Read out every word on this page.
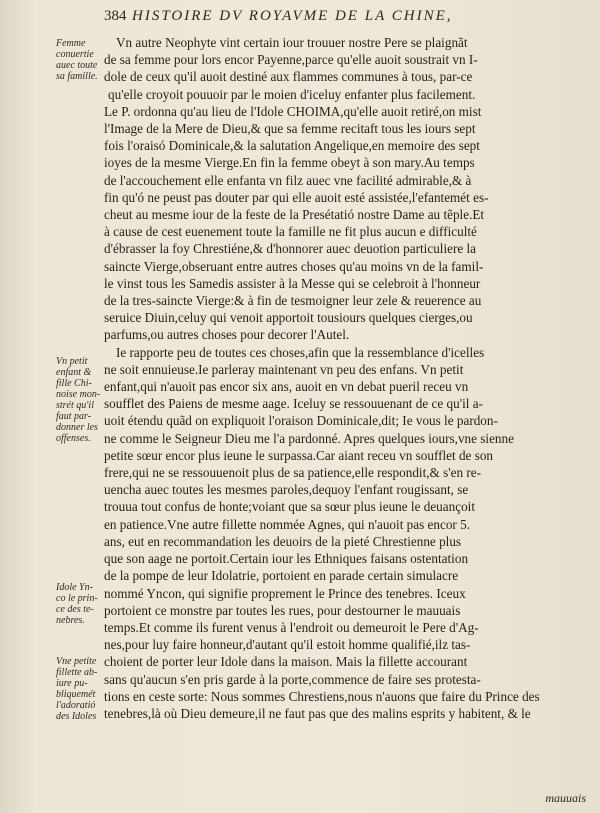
384 HISTOIRE DV ROYAVME DE LA CHINE,
Femme
conuertie
auec toute
sa famille.
Vn petit
enfant &
fille Chi-
noise mon-
strét qu'il
faut par-
donner les
offenses.
Idole Yn-
co le prin-
ce des te-
nebres.
Vne petite
fillette ab-
iure pu-
bliquemét
l'adoratió
des Idoles
Vn autre Neophyte vint certain iour trouuer nostre Pere se plaignãt
de sa femme pour lors encor Payenne,parce qu'elle auoit soustrait vn I-
dole de ceux qu'il auoit destiné aux flammes communes à tous, par-ce
qu'elle croyoit pouuoir par le moien d'iceluy enfanter plus facilement.
Le P. ordonna qu'au lieu de l'Idole CHOIMA,qu'elle auoit retiré,on mist
l'Image de la Mere de Dieu,& que sa femme recitaft tous les iours sept
fois l'oraisó Dominicale,& la salutation Angelique,en memoire des sept
ioyes de la mesme Vierge.En fin la femme obeyt à son mary.Au temps
de l'accouchement elle enfanta vn filz auec vne facilité admirable,& à
fin qu'ó ne peust pas douter par qui elle auoit esté assistée,l'efantemét es-
cheut au mesme iour de la feste de la Presétatió nostre Dame au tẽple.Et
à cause de cest euenement toute la famille ne fit plus aucun e difficulté
d'ébrasser la foy Chrestiéne,& d'honnorer auec deuotion particuliere la
saincte Vierge,obseruant entre autres choses qu'au moins vn de la famil-
le vinst tous les Samedis assister à la Messe qui se celebroit à l'honneur
de la tres-saincte Vierge:& à fin de tesmoigner leur zele & reuerence au
seruice Diuin,celuy qui venoit apportoit tousiours quelques cierges,ou
parfums,ou autres choses pour decorer l'Autel.
Ie rapporte peu de toutes ces choses,afin que la ressemblance d'icelles
ne soit ennuieuse.Ie parleray maintenant vn peu des enfans. Vn petit
enfant,qui n'auoit pas encor six ans, auoit en vn debat pueril receu vn
soufflet des Paiens de mesme aage. Iceluy se ressouuenant de ce qu'il a-
uoit étendu quãd on expliquoit l'oraison Dominicale,dit; Ie vous le pardon-
ne comme le Seigneur Dieu me l'a pardonné. Apres quelques iours,vne sienne
petite sœur encor plus ieune le surpassa.Car aiant receu vn soufflet de son
frere,qui ne se ressouuenoit plus de sa patience,elle respondit,& s'en re-
uencha auec toutes les mesmes paroles,dequoy l'enfant rougissant, se
trouua tout confus de honte;voiant que sa sœur plus ieune le deuançoit
en patience.Vne autre fillette nommée Agnes, qui n'auoit pas encor 5.
ans, eut en recommandation les deuoirs de la pieté Chrestienne plus
que son aage ne portoit.Certain iour les Ethniques faisans ostentation
de la pompe de leur Idolatrie, portoient en parade certain simulacre
nommé Yncon, qui signifie proprement le Prince des tenebres. Iceux
portoient ce monstre par toutes les rues, pour destourner le mauuais
temps.Et comme ils furent venus à l'endroit ou demeuroit le Pere d'Ag-
nes,pour luy faire honneur,d'autant qu'il estoit homme qualifié,ilz tas-
choient de porter leur Idole dans la maison. Mais la fillette accourant
sans qu'aucun s'en pris garde à la porte,commence de faire ses protesta-
tions en ceste sorte: Nous sommes Chrestiens,nous n'auons que faire du Prince des
tenebres,là où Dieu demeure,il ne faut pas que des malins esprits y habitent, & le
mauuais
